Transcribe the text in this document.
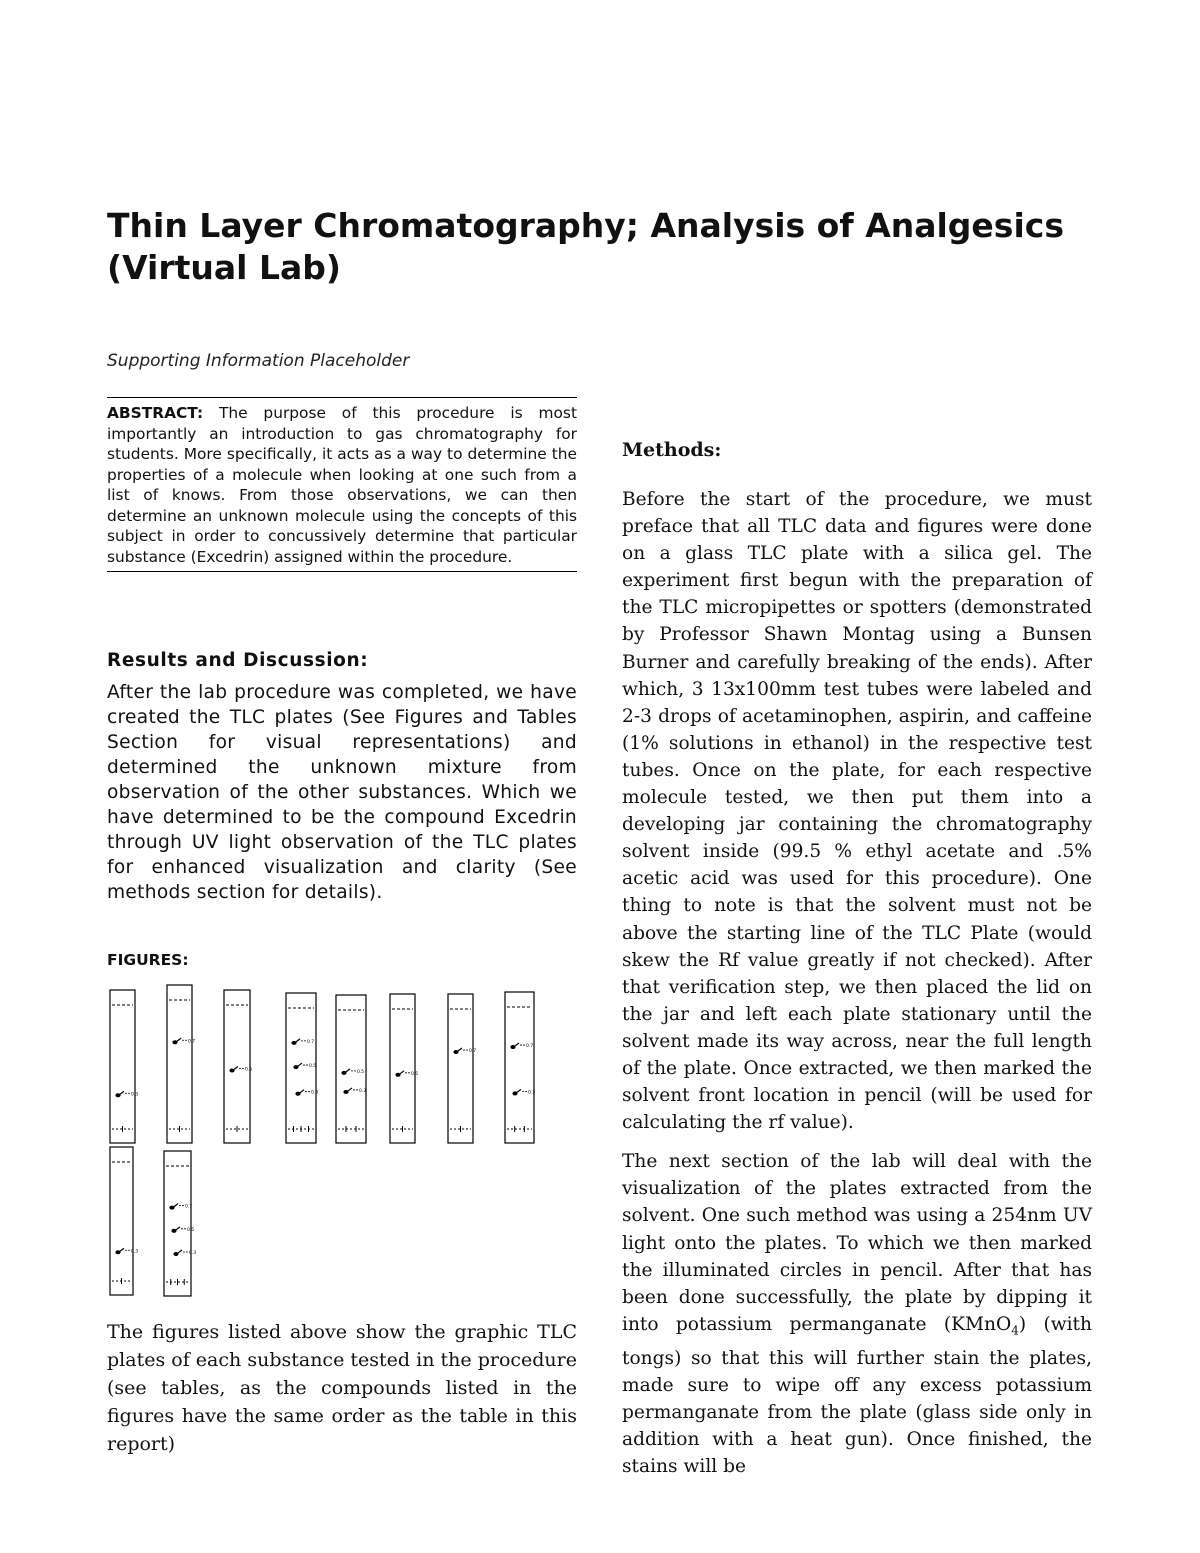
Thin Layer Chromatography; Analysis of Analgesics (Virtual Lab)
Supporting Information Placeholder
ABSTRACT: The purpose of this procedure is most importantly an introduction to gas chromatography for students. More specifically, it acts as a way to determine the properties of a molecule when looking at one such from a list of knows. From those observations, we can then determine an unknown molecule using the concepts of this subject in order to concussively determine that particular substance (Excedrin) assigned within the procedure.
Results and Discussion:
After the lab procedure was completed, we have created the TLC plates (See Figures and Tables Section for visual representations) and determined the unknown mixture from observation of the other substances. Which we have determined to be the compound Excedrin through UV light observation of the TLC plates for enhanced visualization and clarity (See methods section for details).
FIGURES:
0.3
0.7
0.5
0.7
0.5
0.3
0.5
0.3
0.5
0.7
0.7
0.3
0.3
0.7
0.5
0.3
The figures listed above show the graphic TLC plates of each substance tested in the procedure (see tables, as the compounds listed in the figures have the same order as the table in this report)
Methods:

Before the start of the procedure, we must preface that all TLC data and figures were done on a glass TLC plate with a silica gel. The experiment first begun with the preparation of the TLC micropipettes or spotters (demonstrated by Professor Shawn Montag using a Bunsen Burner and carefully breaking of the ends). After which, 3 13x100mm test tubes were labeled and 2-3 drops of acetaminophen, aspirin, and caffeine (1% solutions in ethanol) in the respective test tubes. Once on the plate, for each respective molecule tested, we then put them into a developing jar containing the chromatography solvent inside (99.5 % ethyl acetate and .5% acetic acid was used for this procedure). One thing to note is that the solvent must not be above the starting line of the TLC Plate (would skew the Rf value greatly if not checked). After that verification step, we then placed the lid on the jar and left each plate stationary until the solvent made its way across, near the full length of the plate. Once extracted, we then marked the solvent front location in pencil (will be used for calculating the rf value).

The next section of the lab will deal with the visualization of the plates extracted from the solvent. One such method was using a 254nm UV light onto the plates. To which we then marked the illuminated circles in pencil. After that has been done successfully, the plate by dipping it into potassium permanganate (KMnO$_4$) (with tongs) so that this will further stain the plates, made sure to wipe off any excess potassium permanganate from the plate (glass side only in addition with a heat gun). Once finished, the stains will be
